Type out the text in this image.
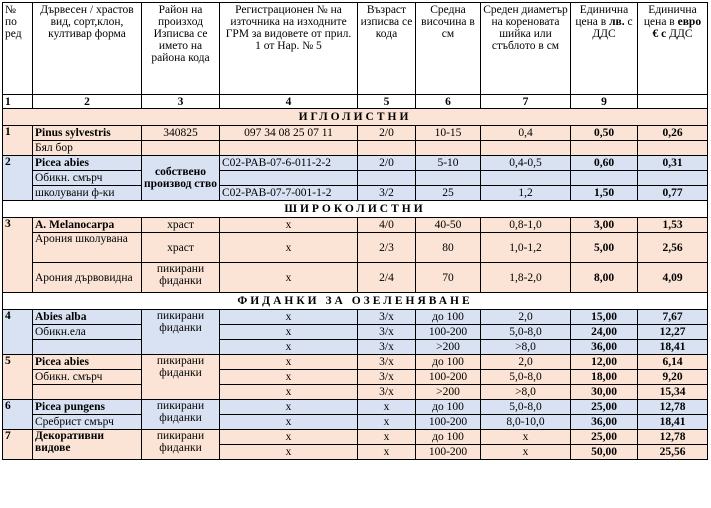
№ по ред	Дървесен / храстов вид, сорт,клон, култивар форма	Район на произход Изписва се името на района кода	Регистрационен № на източника на изходните ГРМ за видовете от прил. 1 от Нар. № 5	Възраст изписва се кода	Средна височина в см	Среден диаметър на кореновата шийка или стъблото в см	Единична цена в лв. с ДДС	Единична цена в евро € с ДДС
1	2	3	4	5	6	7	9	
ИГЛОЛИСТНИ								
1	Pinus sylvestris	340825	097 34 08 25 07 11	2/0	10-15	0,4	0,50	0,26
	Бял бор							
2	Picea abies	собствено производ ство	C02-PAB-07-6-011-2-2	2/0	5-10	0,4-0,5	0,60	0,31
	Обикн. смърч							
	школувани ф-ки		C02-PAB-07-7-001-1-2	3/2	25	1,2	1,50	0,77
ШИРОКОЛИСТНИ								
3	A. Melanocarpa	храст	x	4/0	40-50	0,8-1,0	3,00	1,53
	Арония школувана	храст	x	2/3	80	1,0-1,2	5,00	2,56
	Арония дървовидна	пикирани фиданки	x	2/4	70	1,8-2,0	8,00	4,09
ФИДАНКИ ЗА ОЗЕЛЕНЯВАНЕ								
4	Abies alba	пикирани фиданки	x	3/x	до 100	2,0	15,00	7,67
	Обикн.ела		x	3/x	100-200	5,0-8,0	24,00	12,27
			x	3/x	>200	>8,0	36,00	18,41
5	Picea abies	пикирани фиданки	x	3/x	до 100	2,0	12,00	6,14
	Обикн. смърч		x	3/x	100-200	5,0-8,0	18,00	9,20
			x	3/x	>200	>8,0	30,00	15,34
6	Picea pungens	пикирани фиданки	x	x	до 100	5,0-8,0	25,00	12,78
	Сребрист смърч		x	x	100-200	8,0-10,0	36,00	18,41
7	Декоративни видове	пикирани фиданки	x	x	до 100	x	25,00	12,78
			x	x	100-200	x	50,00	25,56
